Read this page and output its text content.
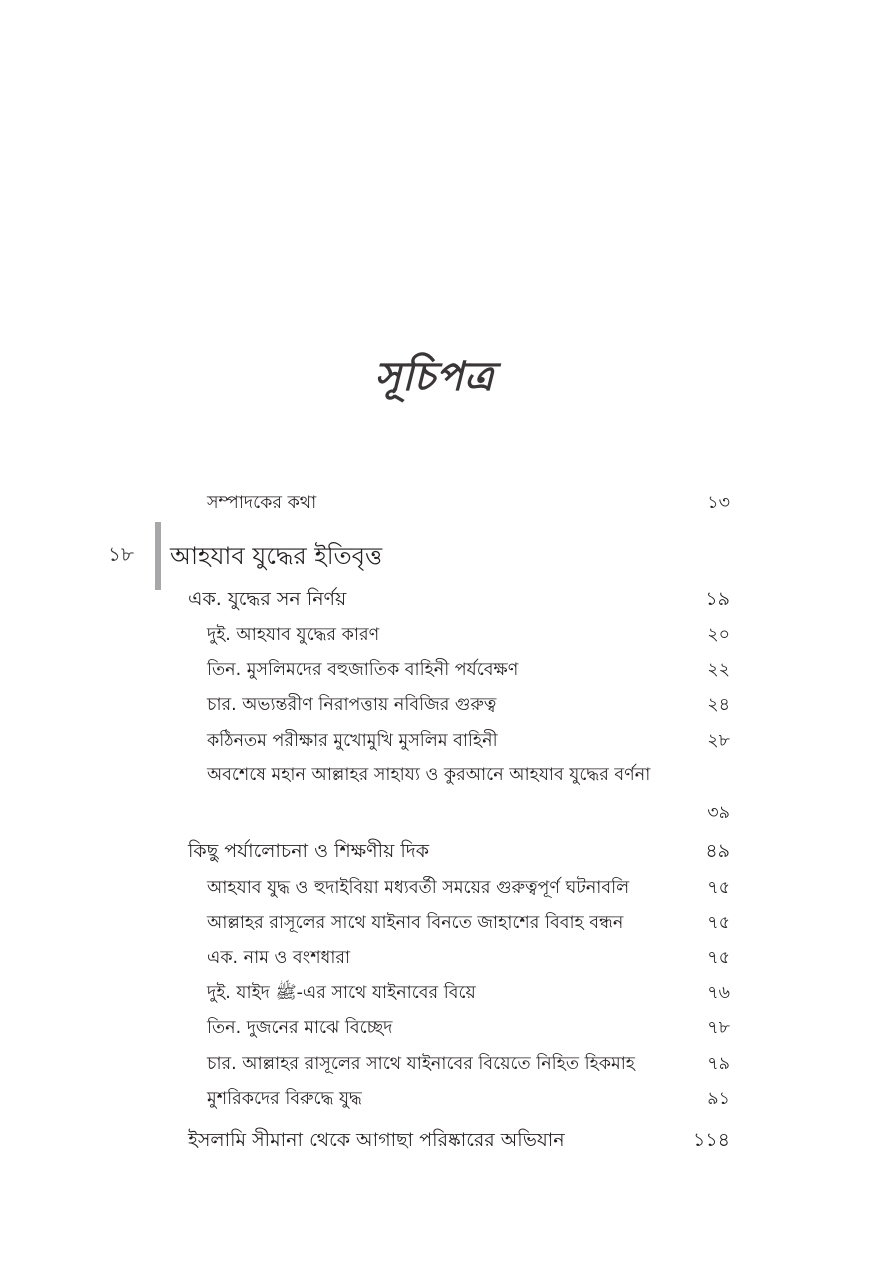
সূচিপত্র
সম্পাদকের কথা	১৩
১৮ আহযাব যুদ্ধের ইতিবৃত্ত
এক. যুদ্ধের সন নির্ণয়	১৯
দুই. আহযাব যুদ্ধের কারণ	২০
তিন. মুসলিমদের বহুজাতিক বাহিনী পর্যবেক্ষণ	২২
চার. অভ্যন্তরীণ নিরাপত্তায় নবিজির গুরুত্ব	২৪
কঠিনতম পরীক্ষার মুখোমুখি মুসলিম বাহিনী	২৮
অবশেষে মহান আল্লাহর সাহায্য ও কুরআনে আহযাব যুদ্ধের বর্ণনা
৩৯
কিছু পর্যালোচনা ও শিক্ষণীয় দিক	৪৯
আহযাব যুদ্ধ ও হুদাইবিয়া মধ্যবর্তী সময়ের গুরুত্বপূর্ণ ঘটনাবলি	৭৫
আল্লাহর রাসূলের সাথে যাইনাব বিনতে জাহাশের বিবাহ বন্ধন	৭৫
এক. নাম ও বংশধারা	৭৫
দুই. যাইদ ﷺ-এর সাথে যাইনাবের বিয়ে	৭৬
তিন. দুজনের মাঝে বিচ্ছেদ	৭৮
চার. আল্লাহর রাসূলের সাথে যাইনাবের বিয়েতে নিহিত হিকমাহ	৭৯
মুশরিকদের বিরুদ্ধে যুদ্ধ	৯১
ইসলামি সীমানা থেকে আগাছা পরিষ্কারের অভিযান	১১৪
